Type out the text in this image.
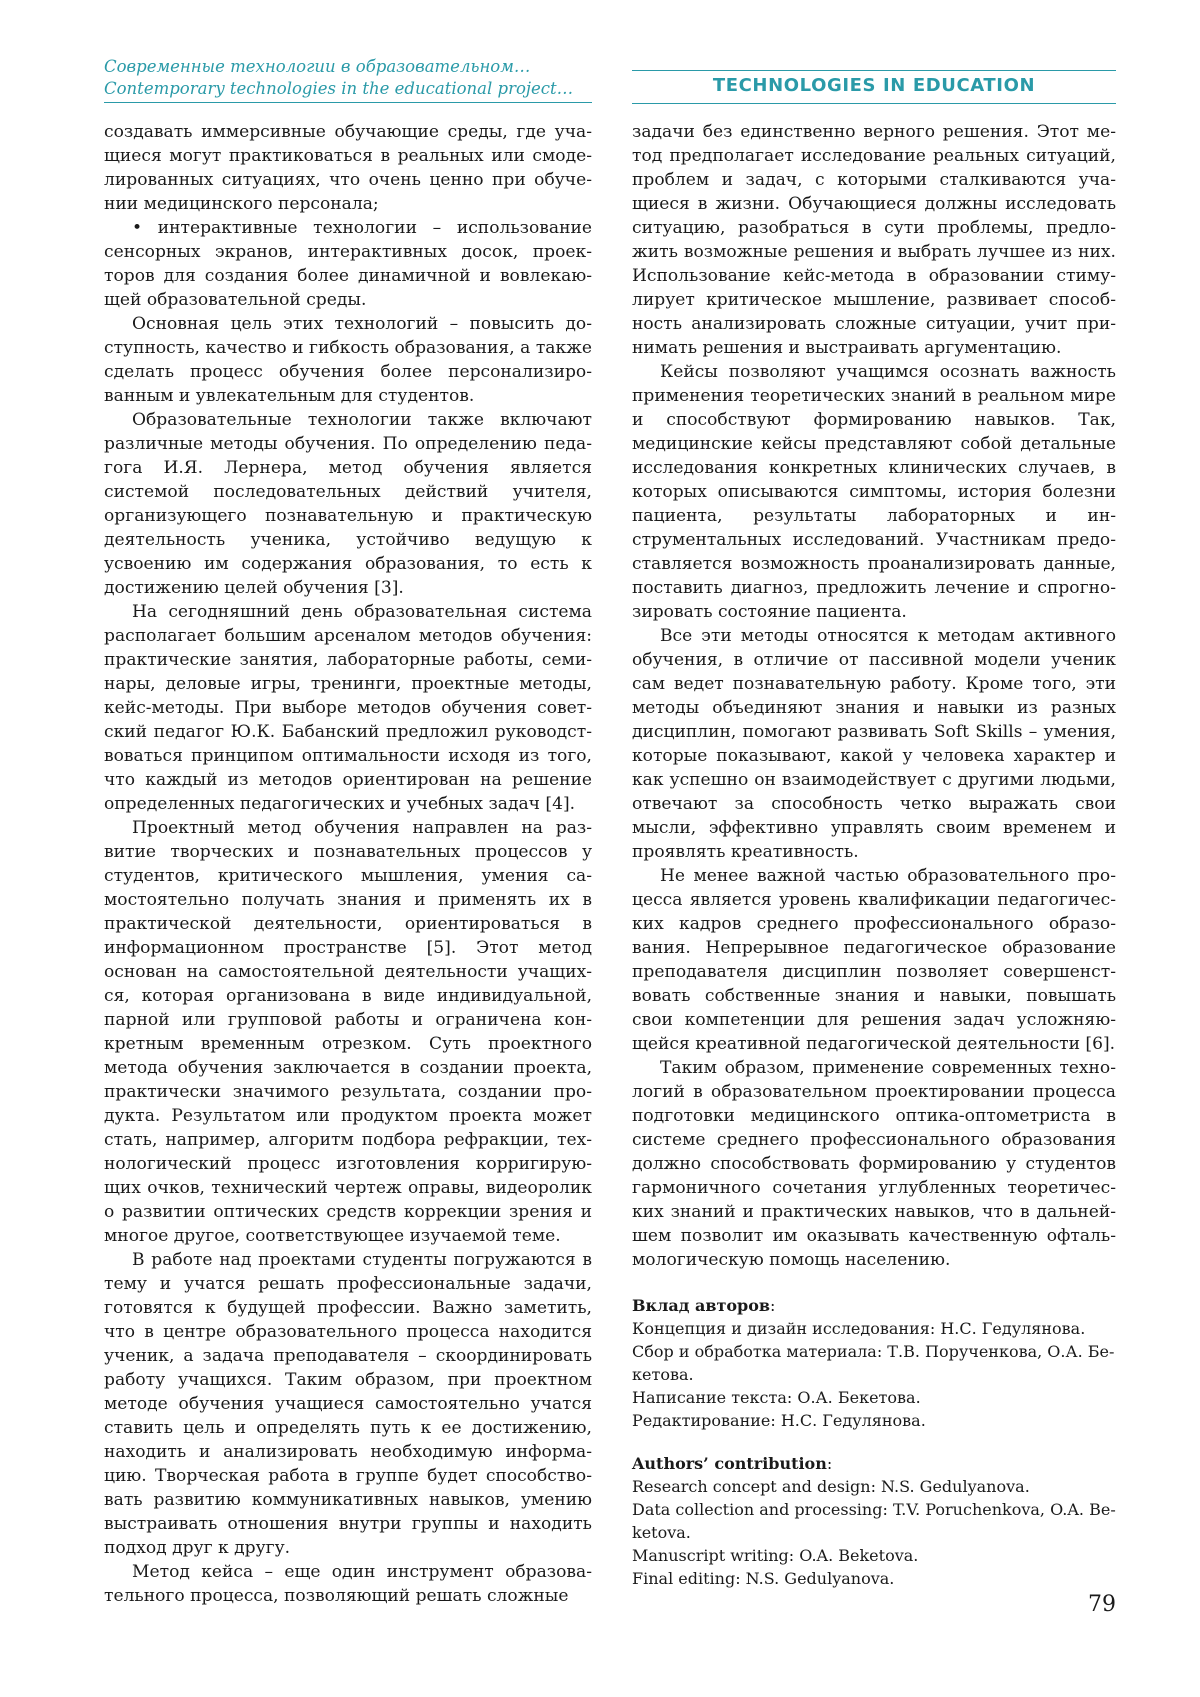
Современные технологии в образовательном…
Contemporary technologies in the educational project…	TECHNOLOGIES IN EDUCATION

создавать иммерсивные обучающие среды, где учащиеся могут практиковаться в реальных или смоделированных ситуациях, что очень ценно при обучении медицинского персонала;

• интерактивные технологии – использование сенсорных экранов, интерактивных досок, проекторов для создания более динамичной и вовлекающей образовательной среды.

Основная цель этих технологий – повысить доступность, качество и гибкость образования, а также сделать процесс обучения более персонализированным и увлекательным для студентов.

Образовательные технологии также включают различные методы обучения. По определению педагога И.Я. Лернера, метод обучения является системой последовательных действий учителя, организующего познавательную и практическую деятельность ученика, устойчиво ведущую к усвоению им содержания образования, то есть к достижению целей обучения [3].

На сегодняшний день образовательная система располагает большим арсеналом методов обучения: практические занятия, лабораторные работы, семинары, деловые игры, тренинги, проектные методы, кейс-методы. При выборе методов обучения советский педагог Ю.К. Бабанский предложил руководствоваться принципом оптимальности исходя из того, что каждый из методов ориентирован на решение определенных педагогических и учебных задач [4].

Проектный метод обучения направлен на развитие творческих и познавательных процессов у студентов, критического мышления, умения самостоятельно получать знания и применять их в практической деятельности, ориентироваться в информационном пространстве [5]. Этот метод основан на самостоятельной деятельности учащихся, которая организована в виде индивидуальной, парной или групповой работы и ограничена конкретным временным отрезком. Суть проектного метода обучения заключается в создании проекта, практически значимого результата, создании продукта. Результатом или продуктом проекта может стать, например, алгоритм подбора рефракции, технологический процесс изготовления корригирующих очков, технический чертеж оправы, видеоролик о развитии оптических средств коррекции зрения и многое другое, соответствующее изучаемой теме.

В работе над проектами студенты погружаются в тему и учатся решать профессиональные задачи, готовятся к будущей профессии. Важно заметить, что в центре образовательного процесса находится ученик, а задача преподавателя – скоординировать работу учащихся. Таким образом, при проектном методе обучения учащиеся самостоятельно учатся ставить цель и определять путь к ее достижению, находить и анализировать необходимую информацию. Творческая работа в группе будет способствовать развитию коммуникативных навыков, умению выстраивать отношения внутри группы и находить подход друг к другу.

Метод кейса – еще один инструмент образовательного процесса, позволяющий решать сложные

задачи без единственно верного решения. Этот метод предполагает исследование реальных ситуаций, проблем и задач, с которыми сталкиваются учащиеся в жизни. Обучающиеся должны исследовать ситуацию, разобраться в сути проблемы, предложить возможные решения и выбрать лучшее из них. Использование кейс-метода в образовании стимулирует критическое мышление, развивает способность анализировать сложные ситуации, учит принимать решения и выстраивать аргументацию.

Кейсы позволяют учащимся осознать важность применения теоретических знаний в реальном мире и способствуют формированию навыков. Так, медицинские кейсы представляют собой детальные исследования конкретных клинических случаев, в которых описываются симптомы, история болезни пациента, результаты лабораторных и инструментальных исследований. Участникам предоставляется возможность проанализировать данные, поставить диагноз, предложить лечение и спрогнозировать состояние пациента.

Все эти методы относятся к методам активного обучения, в отличие от пассивной модели ученик сам ведет познавательную работу. Кроме того, эти методы объединяют знания и навыки из разных дисциплин, помогают развивать Soft Skills – умения, которые показывают, какой у человека характер и как успешно он взаимодействует с другими людьми, отвечают за способность четко выражать свои мысли, эффективно управлять своим временем и проявлять креативность.

Не менее важной частью образовательного процесса является уровень квалификации педагогических кадров среднего профессионального образования. Непрерывное педагогическое образование преподавателя дисциплин позволяет совершенствовать собственные знания и навыки, повышать свои компетенции для решения задач усложняющейся креативной педагогической деятельности [6].

Таким образом, применение современных технологий в образовательном проектировании процесса подготовки медицинского оптика-оптометриста в системе среднего профессионального образования должно способствовать формированию у студентов гармоничного сочетания углубленных теоретических знаний и практических навыков, что в дальнейшем позволит им оказывать качественную офтальмологическую помощь населению.

Вклад авторов:
Концепция и дизайн исследования: Н.С. Гедулянова.
Сбор и обработка материала: Т.В. Порученкова, О.А. Бекетова.
Написание текста: О.А. Бекетова.
Редактирование: Н.С. Гедулянова.
Authors’ contribution:
Research concept and design: N.S. Gedulyanova.
Data collection and processing: T.V. Poruchenkova, O.A. Beketova.
Manuscript writing: O.A. Beketova.
Final editing: N.S. Gedulyanova.
79
